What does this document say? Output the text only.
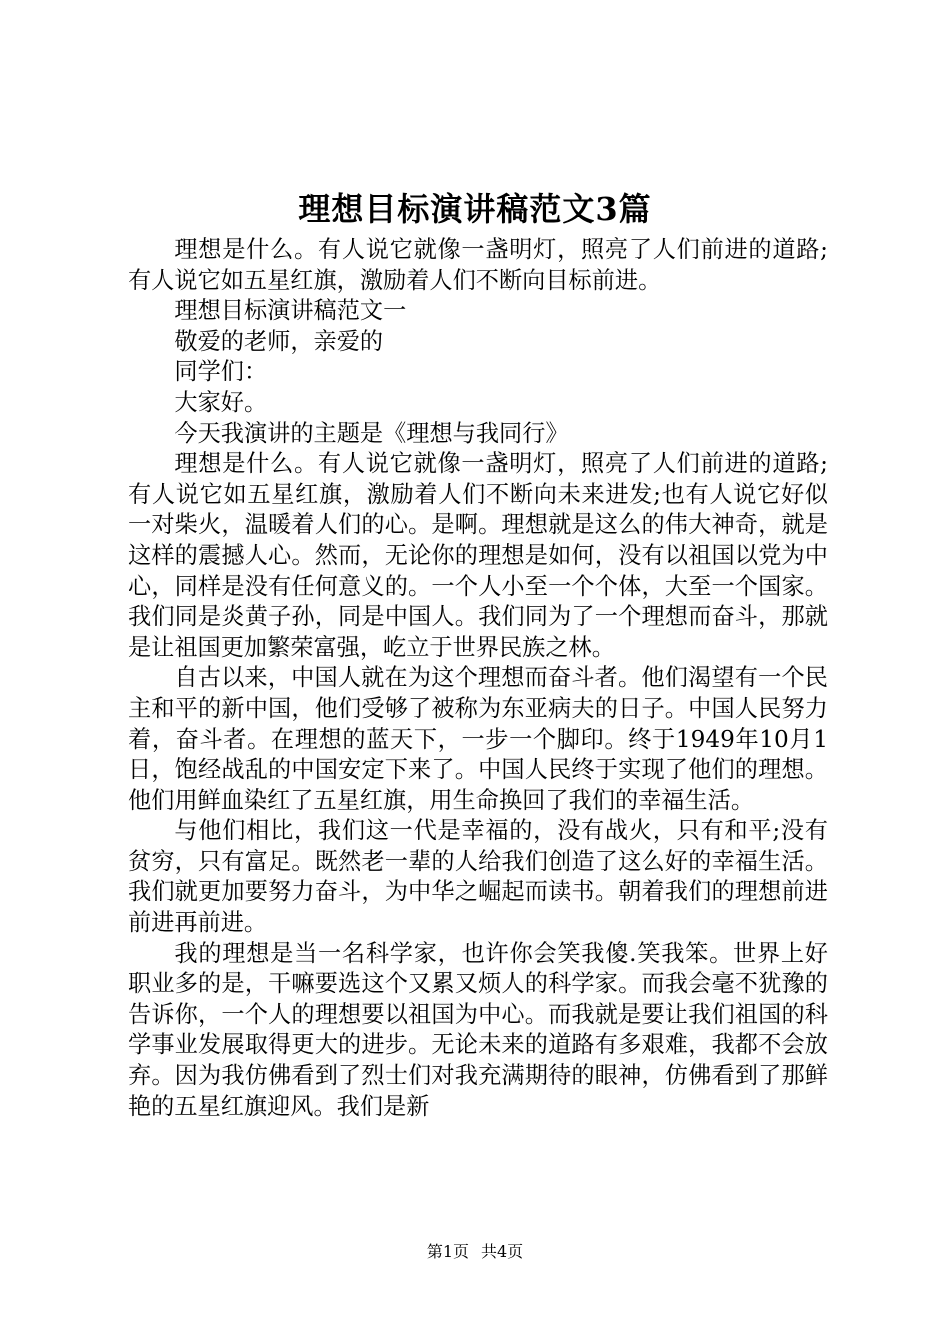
理想目标演讲稿范文3篇

理想是什么。有人说它就像一盏明灯，照亮了人们前进的道路;有人说它如五星红旗，激励着人们不断向目标前进。

理想目标演讲稿范文一

敬爱的老师，亲爱的

同学们：

大家好。

今天我演讲的主题是《理想与我同行》

理想是什么。有人说它就像一盏明灯，照亮了人们前进的道路;有人说它如五星红旗，激励着人们不断向未来进发;也有人说它好似一对柴火，温暖着人们的心。是啊。理想就是这么的伟大神奇，就是这样的震撼人心。然而，无论你的理想是如何，没有以祖国以党为中心，同样是没有任何意义的。一个人小至一个个体，大至一个国家。我们同是炎黄子孙，同是中国人。我们同为了一个理想而奋斗，那就是让祖国更加繁荣富强，屹立于世界民族之林。

自古以来，中国人就在为这个理想而奋斗者。他们渴望有一个民主和平的新中国，他们受够了被称为东亚病夫的日子。中国人民努力着，奋斗者。在理想的蓝天下，一步一个脚印。终于1949年10月1日，饱经战乱的中国安定下来了。中国人民终于实现了他们的理想。他们用鲜血染红了五星红旗，用生命换回了我们的幸福生活。

与他们相比，我们这一代是幸福的，没有战火，只有和平;没有贫穷，只有富足。既然老一辈的人给我们创造了这么好的幸福生活。我们就更加要努力奋斗，为中华之崛起而读书。朝着我们的理想前进前进再前进。

我的理想是当一名科学家，也许你会笑我傻.笑我笨。世界上好职业多的是，干嘛要选这个又累又烦人的科学家。而我会毫不犹豫的告诉你，一个人的理想要以祖国为中心。而我就是要让我们祖国的科学事业发展取得更大的进步。无论未来的道路有多艰难，我都不会放弃。因为我仿佛看到了烈士们对我充满期待的眼神，仿佛看到了那鲜艳的五星红旗迎风。我们是新

第1页 共4页
